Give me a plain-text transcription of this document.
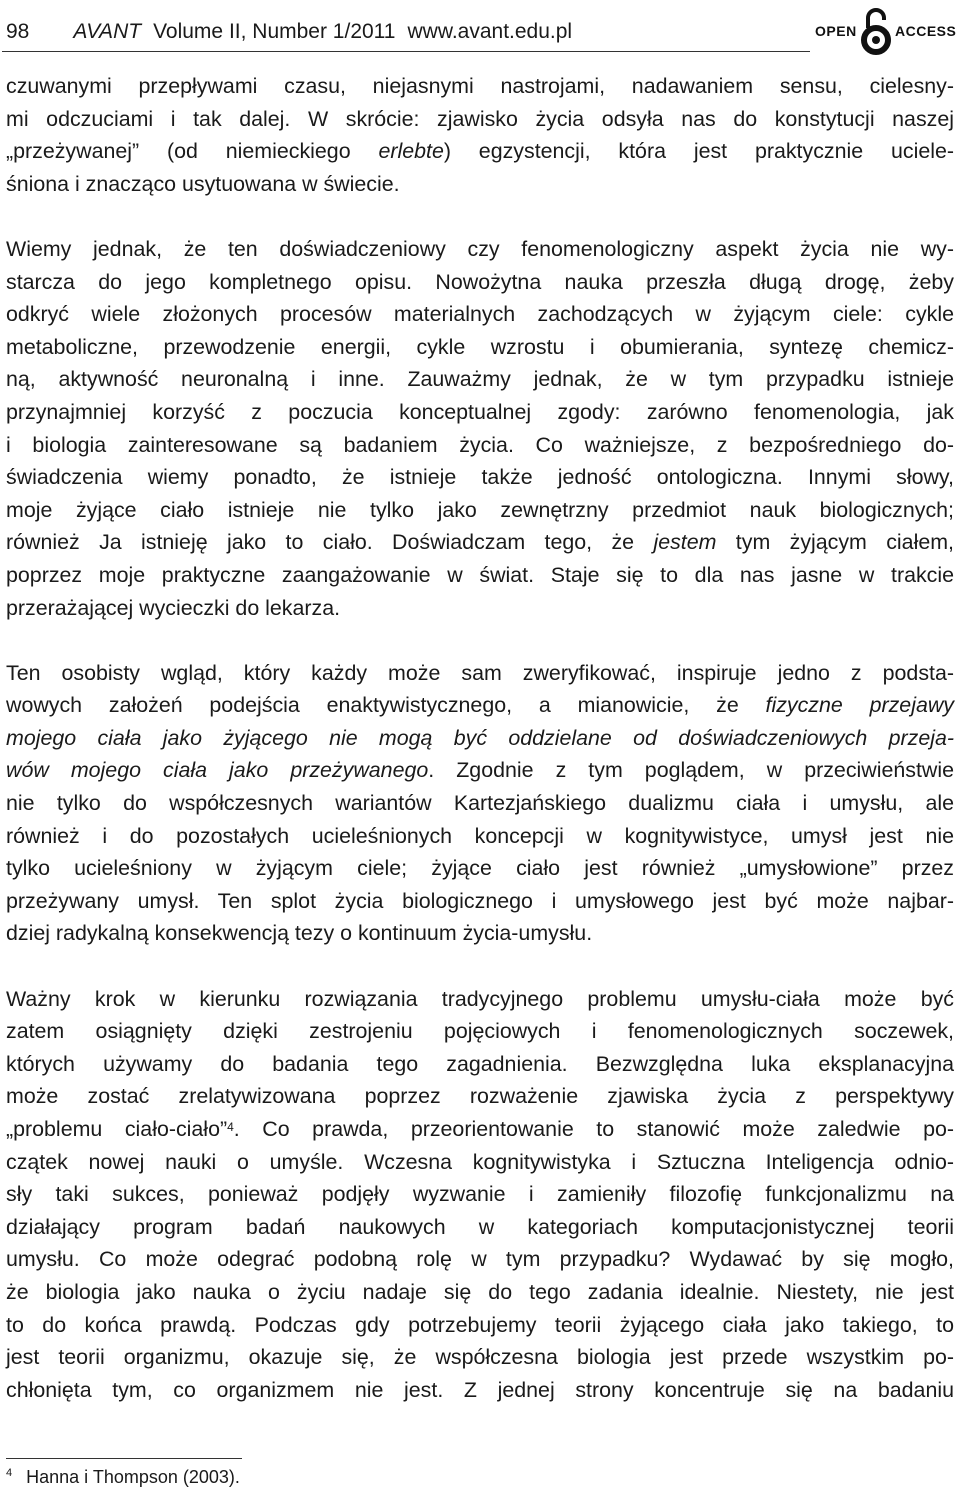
98 AVANT Volume II, Number 1/2011 www.avant.edu.pl	OPEN	ACCESS
czuwanymi przepływami czasu, niejasnymi nastrojami, nadawaniem sensu, cielesny-
mi odczuciami i tak dalej. W skrócie: zjawisko życia odsyła nas do konstytucji naszej
„przeżywanej” (od niemieckiego erlebte) egzystencji, która jest praktycznie uciele-
śniona i znacząco usytuowana w świecie.
Wiemy jednak, że ten doświadczeniowy czy fenomenologiczny aspekt życia nie wy-
starcza do jego kompletnego opisu. Nowożytna nauka przeszła długą drogę, żeby
odkryć wiele złożonych procesów materialnych zachodzących w żyjącym ciele: cykle
metaboliczne, przewodzenie energii, cykle wzrostu i obumierania, syntezę chemicz-
ną, aktywność neuronalną i inne. Zauważmy jednak, że w tym przypadku istnieje
przynajmniej korzyść z poczucia konceptualnej zgody: zarówno fenomenologia, jak
i biologia zainteresowane są badaniem życia. Co ważniejsze, z bezpośredniego do-
świadczenia wiemy ponadto, że istnieje także jedność ontologiczna. Innymi słowy,
moje żyjące ciało istnieje nie tylko jako zewnętrzny przedmiot nauk biologicznych;
również Ja istnieję jako to ciało. Doświadczam tego, że jestem tym żyjącym ciałem,
poprzez moje praktyczne zaangażowanie w świat. Staje się to dla nas jasne w trakcie
przerażającej wycieczki do lekarza.
Ten osobisty wgląd, który każdy może sam zweryfikować, inspiruje jedno z podsta-
wowych założeń podejścia enaktywistycznego, a mianowicie, że fizyczne przejawy
mojego ciała jako żyjącego nie mogą być oddzielane od doświadczeniowych przeja-
wów mojego ciała jako przeżywanego. Zgodnie z tym poglądem, w przeciwieństwie
nie tylko do współczesnych wariantów Kartezjańskiego dualizmu ciała i umysłu, ale
również i do pozostałych ucieleśnionych koncepcji w kognitywistyce, umysł jest nie
tylko ucieleśniony w żyjącym ciele; żyjące ciało jest również „umysłowione” przez
przeżywany umysł. Ten splot życia biologicznego i umysłowego jest być może najbar-
dziej radykalną konsekwencją tezy o kontinuum życia-umysłu.
Ważny krok w kierunku rozwiązania tradycyjnego problemu umysłu-ciała może być
zatem osiągnięty dzięki zestrojeniu pojęciowych i fenomenologicznych soczewek,
których używamy do badania tego zagadnienia. Bezwzględna luka eksplanacyjna
może zostać zrelatywizowana poprzez rozważenie zjawiska życia z perspektywy
„problemu ciało-ciało”$^4$. Co prawda, przeorientowanie to stanowić może zaledwie po-
czątek nowej nauki o umyśle. Wczesna kognitywistyka i Sztuczna Inteligencja odnio-
sły taki sukces, ponieważ podjęły wyzwanie i zamieniły filozofię funkcjonalizmu na
działający program badań naukowych w kategoriach komputacjonistycznej teorii
umysłu. Co może odegrać podobną rolę w tym przypadku? Wydawać by się mogło,
że biologia jako nauka o życiu nadaje się do tego zadania idealnie. Niestety, nie jest
to do końca prawdą. Podczas gdy potrzebujemy teorii żyjącego ciała jako takiego, to
jest teorii organizmu, okazuje się, że współczesna biologia jest przede wszystkim po-
chłonięta tym, co organizmem nie jest. Z jednej strony koncentruje się na badaniu
$^4$ Hanna i Thompson (2003).
